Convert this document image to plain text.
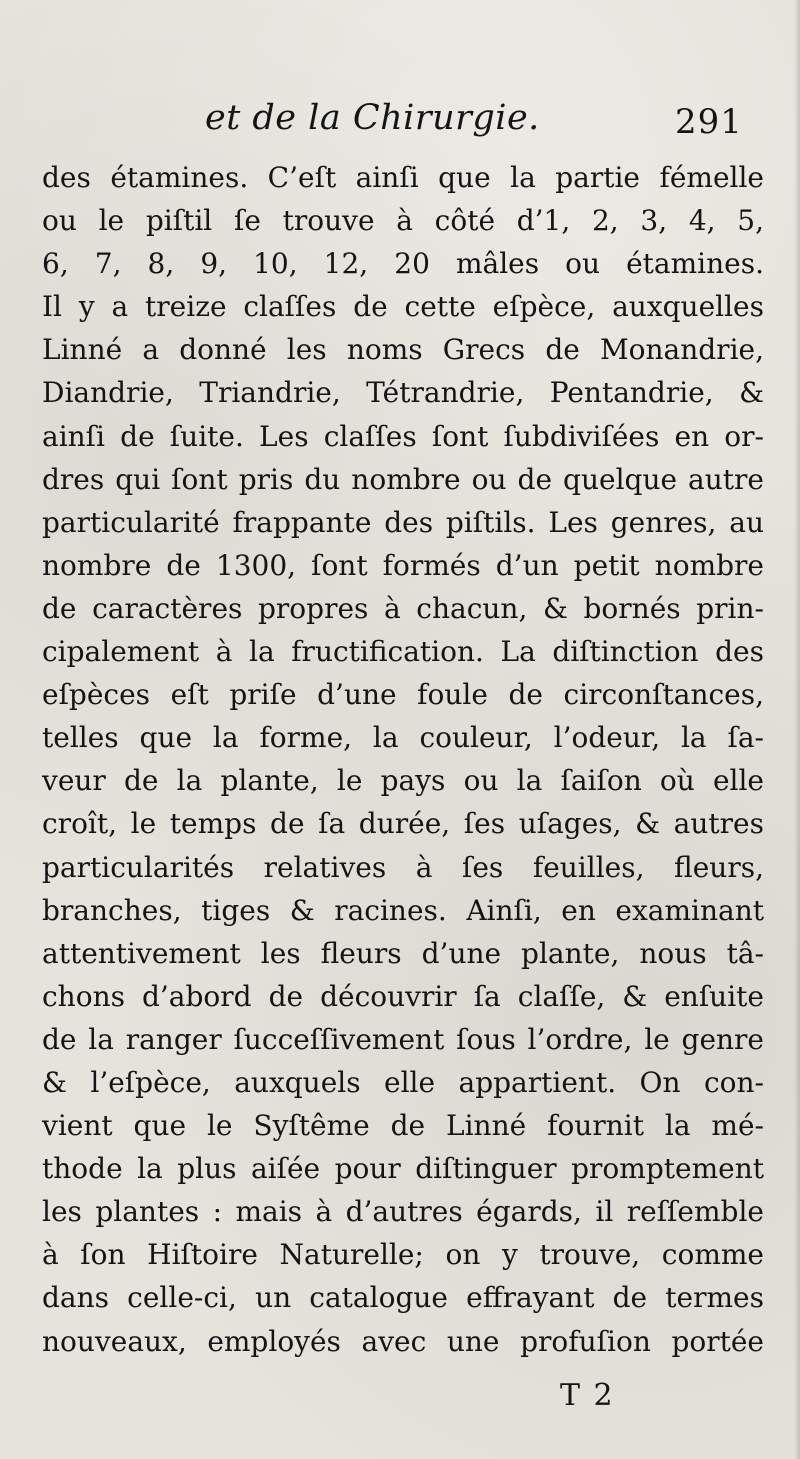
et de la Chirurgie.	291
des étamines. C’eſt ainſi que la partie fémelle
ou le piſtil ſe trouve à côté d’1, 2, 3, 4, 5,
6, 7, 8, 9, 10, 12, 20 mâles ou étamines.
Il y a treize claſſes de cette eſpèce, auxquelles
Linné a donné les noms Grecs de Monandrie,
Diandrie, Triandrie, Tétrandrie, Pentandrie, &
ainſi de ſuite. Les claſſes ſont ſubdiviſées en or-
dres qui ſont pris du nombre ou de quelque autre
particularité frappante des piſtils. Les genres, au
nombre de 1300, ſont formés d’un petit nombre
de caractères propres à chacun, & bornés prin-
cipalement à la fructification. La diſtinction des
eſpèces eſt priſe d’une foule de circonſtances,
telles que la forme, la couleur, l’odeur, la ſa-
veur de la plante, le pays ou la ſaiſon où elle
croît, le temps de ſa durée, ſes uſages, & autres
particularités relatives à ſes feuilles, fleurs,
branches, tiges & racines. Ainſi, en examinant
attentivement les fleurs d’une plante, nous tâ-
chons d’abord de découvrir ſa claſſe, & enſuite
de la ranger ſucceſſivement ſous l’ordre, le genre
& l’eſpèce, auxquels elle appartient. On con-
vient que le Syſtême de Linné fournit la mé-
thode la plus aiſée pour diſtinguer promptement
les plantes : mais à d’autres égards, il reſſemble
à ſon Hiſtoire Naturelle; on y trouve, comme
dans celle-ci, un catalogue effrayant de termes
nouveaux, employés avec une profuſion portée
T 2
